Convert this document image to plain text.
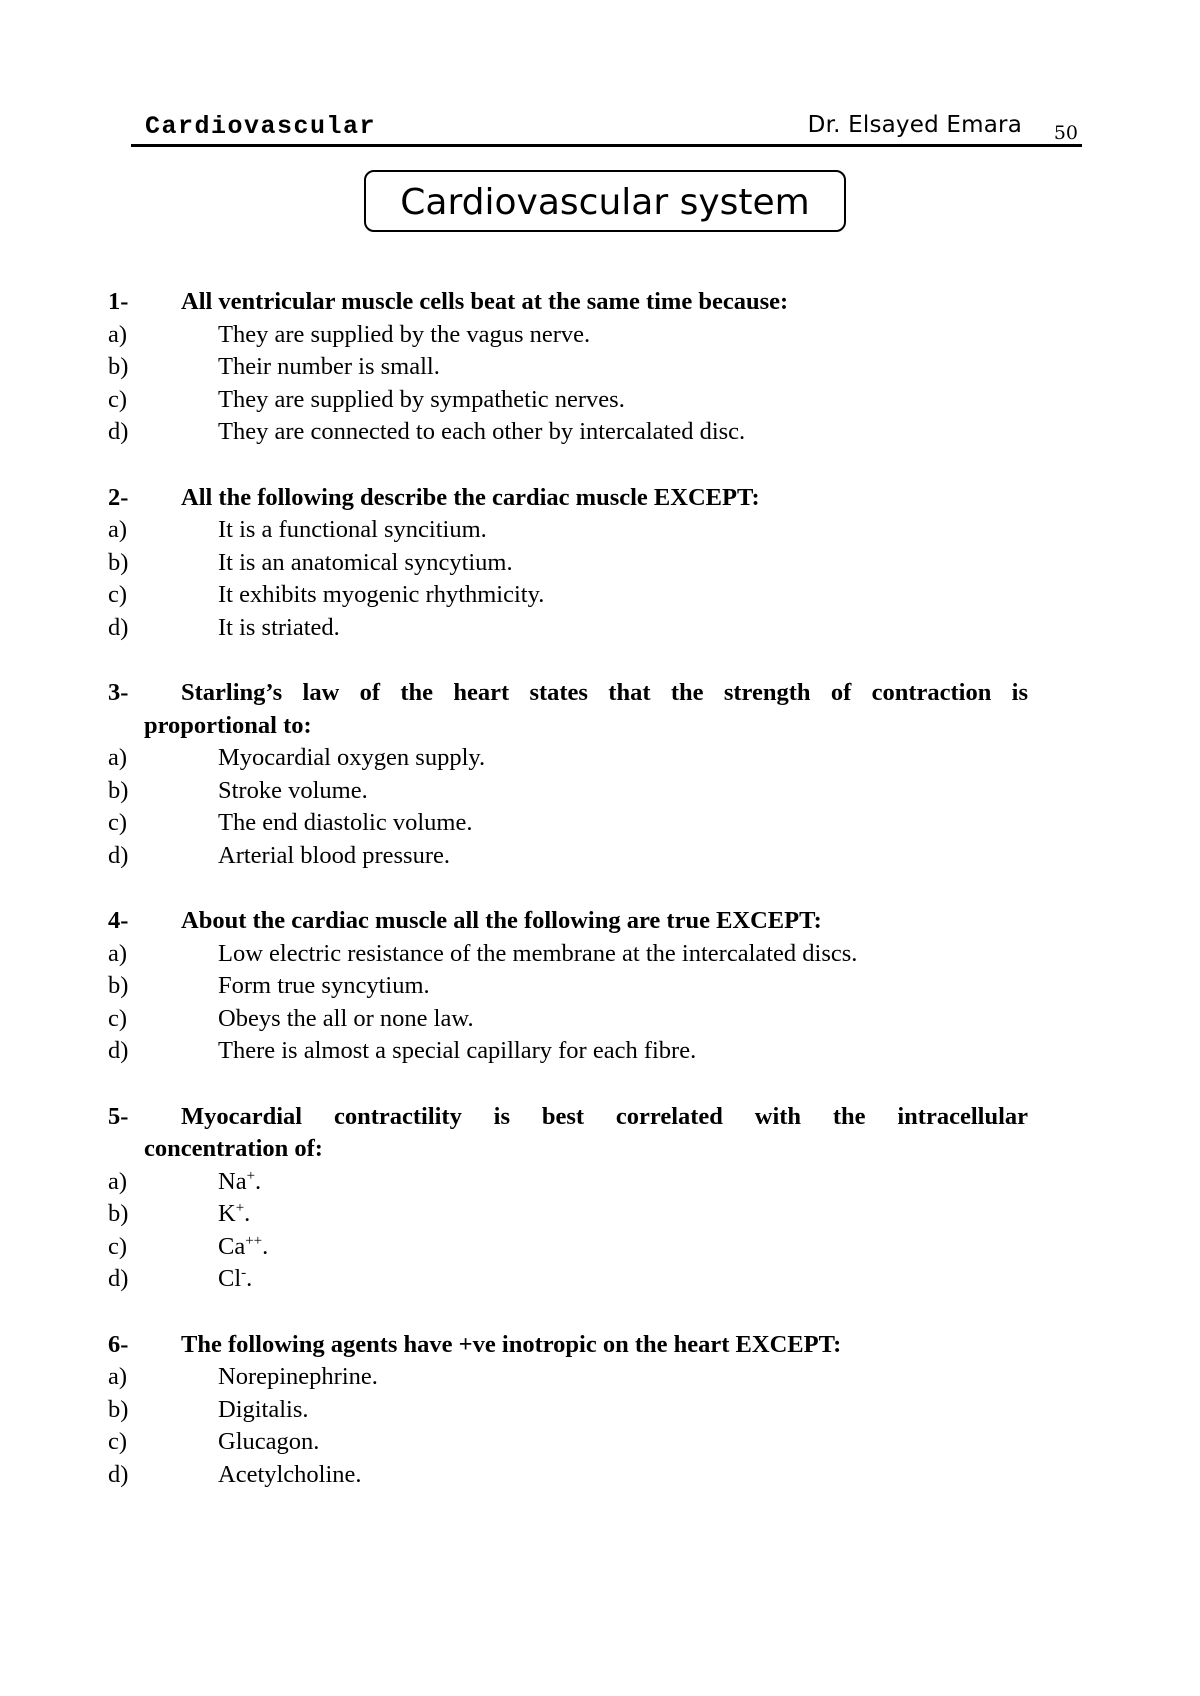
Cardiovascular	Dr. Elsayed Emara 50
Cardiovascular system
1- All ventricular muscle cells beat at the same time because:
a)	They are supplied by the vagus nerve.
b)	Their number is small.
c)	They are supplied by sympathetic nerves.
d)	They are connected to each other by intercalated disc.
2- All the following describe the cardiac muscle EXCEPT:
a)	It is a functional syncitium.
b)	It is an anatomical syncytium.
c)	It exhibits myogenic rhythmicity.
d)	It is striated.
3- Starling’s law of the heart states that the strength of contraction is
proportional to:
a)	Myocardial oxygen supply.
b)	Stroke volume.
c)	The end diastolic volume.
d)	Arterial blood pressure.
4- About the cardiac muscle all the following are true EXCEPT:
a)	Low electric resistance of the membrane at the intercalated discs.
b)	Form true syncytium.
c)	Obeys the all or none law.
d)	There is almost a special capillary for each fibre.
5- Myocardial contractility is best correlated with the intracellular
concentration of:
a)	Na+.
b)	K+.
c)	Ca++.
d)	Cl-.
6- The following agents have +ve inotropic on the heart EXCEPT:
a)	Norepinephrine.
b)	Digitalis.
c)	Glucagon.
d)	Acetylcholine.
